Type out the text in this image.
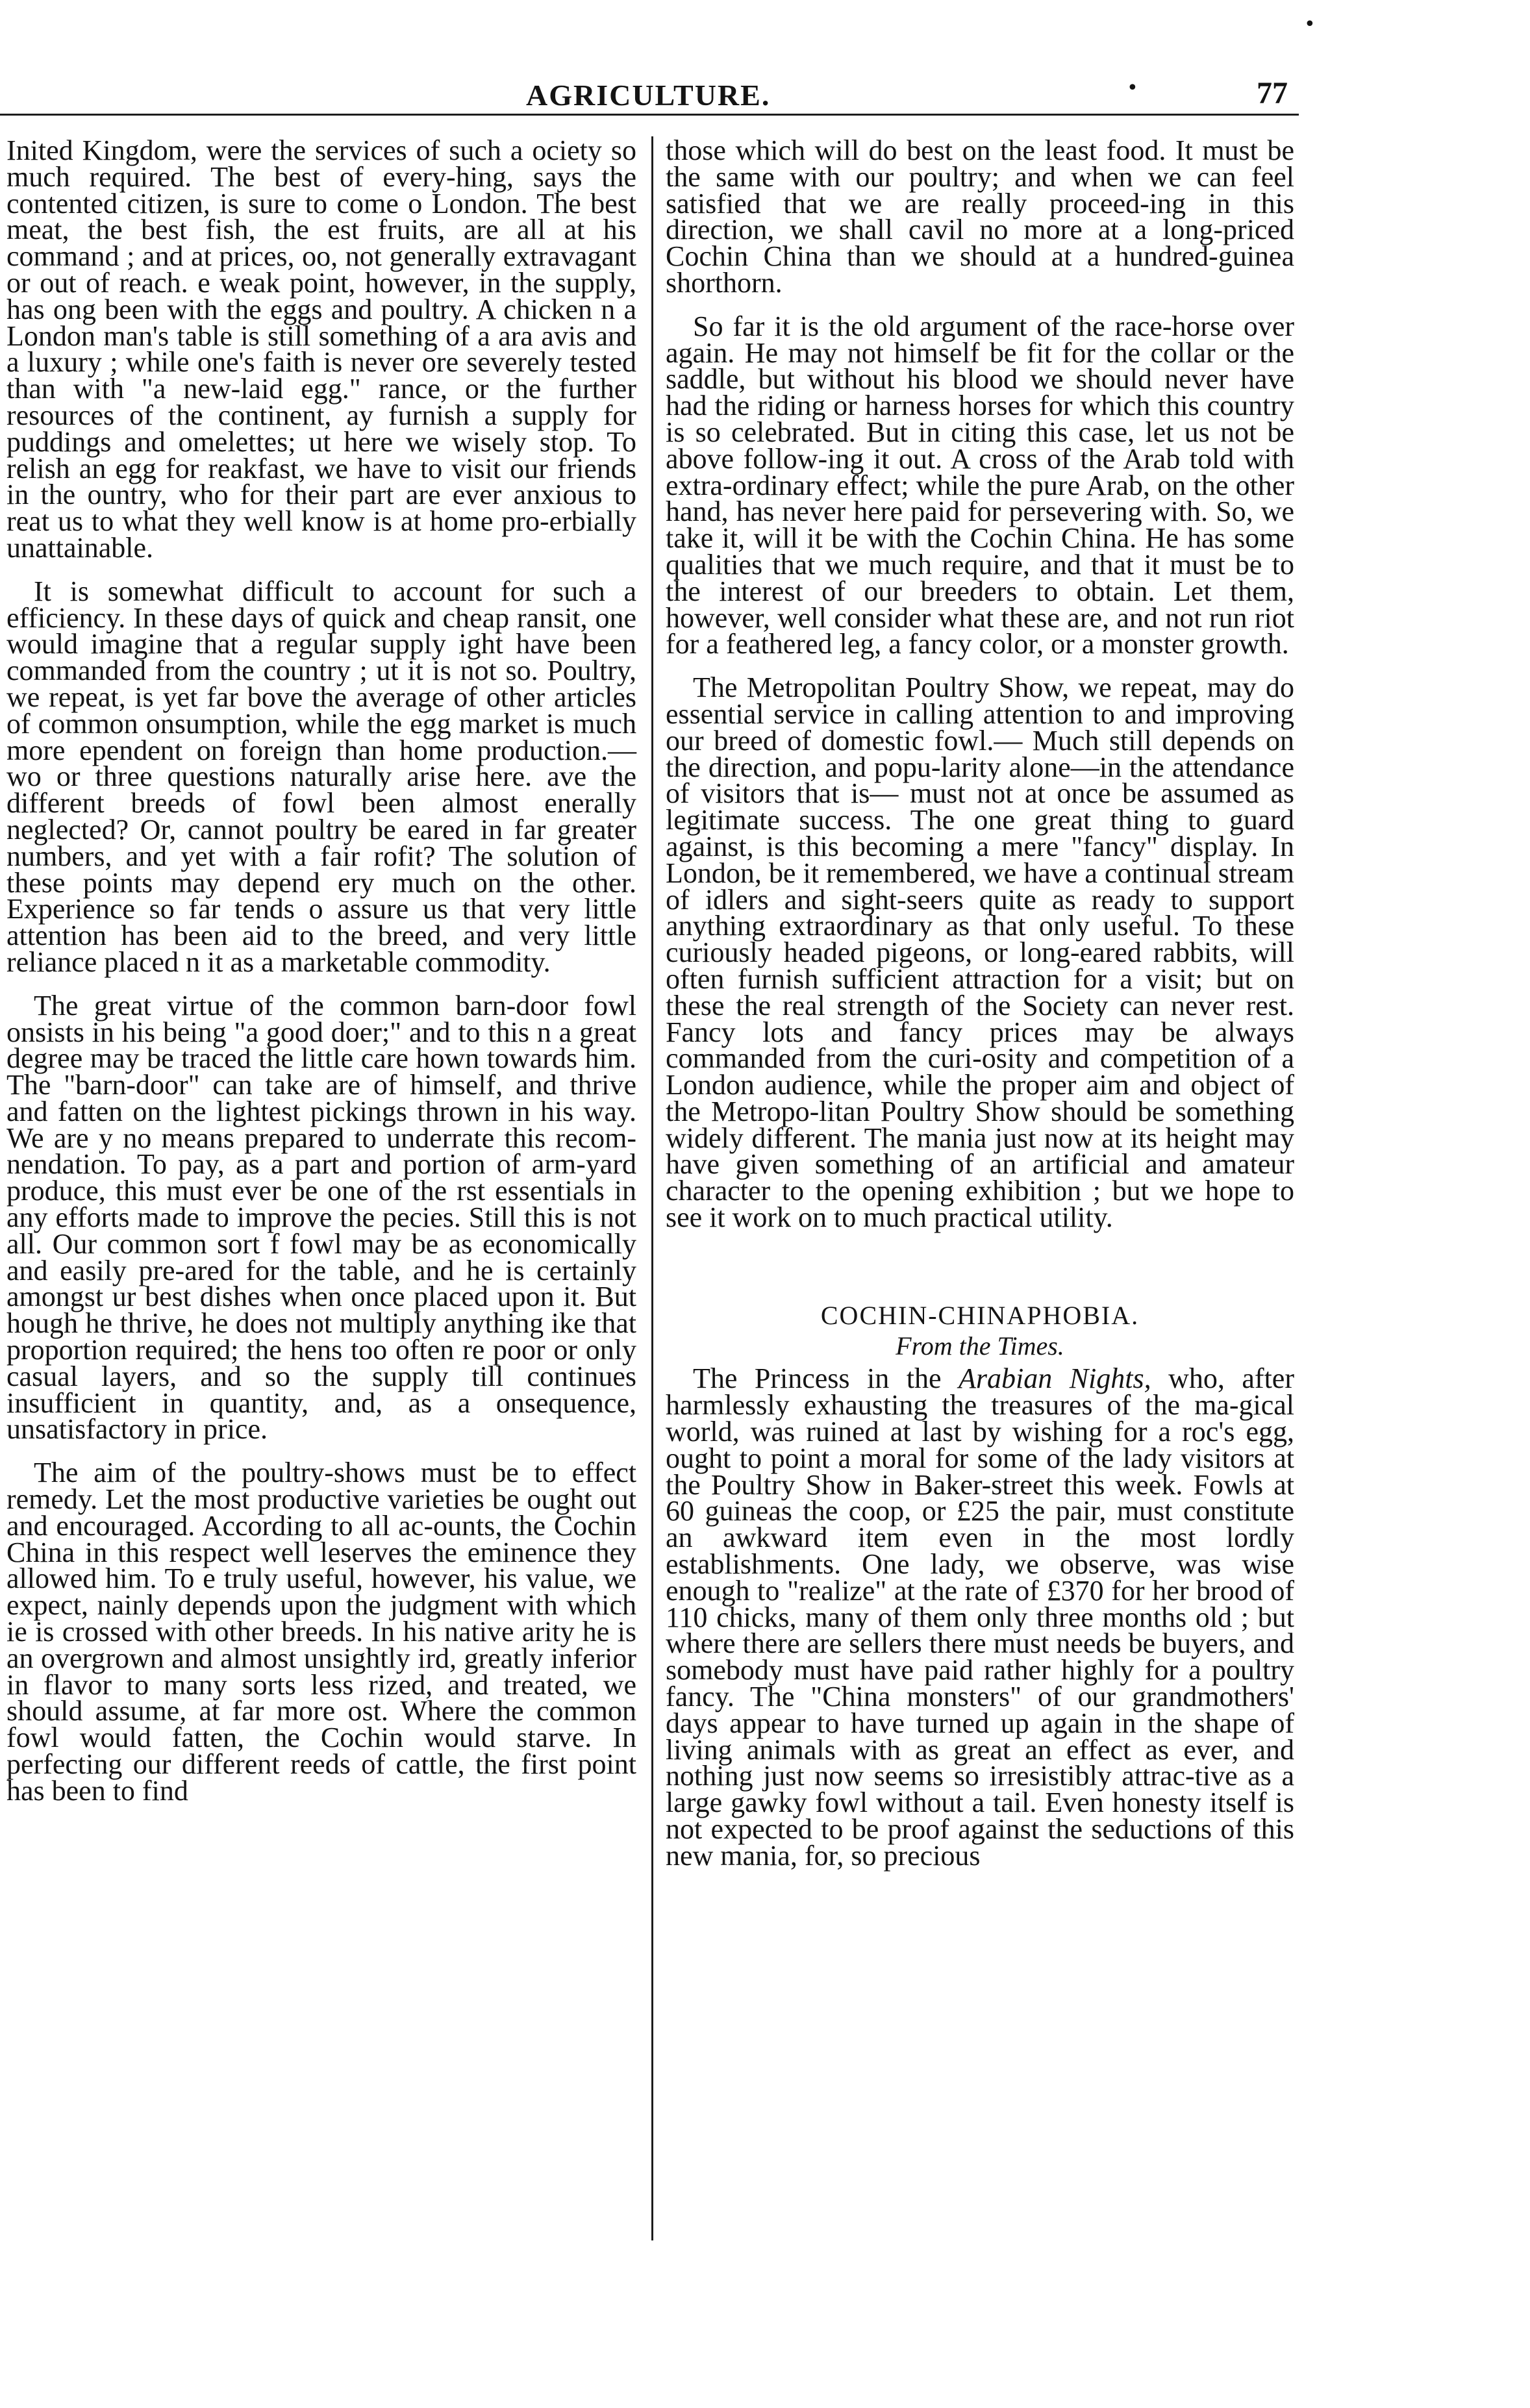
AGRICULTURE.	•	77
•

Inited Kingdom, were the services of such a ociety so much required. The best of every-hing, says the contented citizen, is sure to come o London. The best meat, the best fish, the est fruits, are all at his command ; and at prices, oo, not generally extravagant or out of reach. e weak point, however, in the supply, has ong been with the eggs and poultry. A chicken n a London man's table is still something of a ara avis and a luxury ; while one's faith is never ore severely tested than with "a new-laid egg." rance, or the further resources of the continent, ay furnish a supply for puddings and omelettes; ut here we wisely stop. To relish an egg for reakfast, we have to visit our friends in the ountry, who for their part are ever anxious to reat us to what they well know is at home pro-erbially unattainable.

It is somewhat difficult to account for such a efficiency. In these days of quick and cheap ransit, one would imagine that a regular supply ight have been commanded from the country ; ut it is not so. Poultry, we repeat, is yet far bove the average of other articles of common onsumption, while the egg market is much more ependent on foreign than home production.— wo or three questions naturally arise here. ave the different breeds of fowl been almost enerally neglected? Or, cannot poultry be eared in far greater numbers, and yet with a fair rofit? The solution of these points may depend ery much on the other. Experience so far tends o assure us that very little attention has been aid to the breed, and very little reliance placed n it as a marketable commodity.

The great virtue of the common barn-door fowl onsists in his being "a good doer;" and to this n a great degree may be traced the little care hown towards him. The "barn-door" can take are of himself, and thrive and fatten on the lightest pickings thrown in his way. We are y no means prepared to underrate this recom-nendation. To pay, as a part and portion of arm-yard produce, this must ever be one of the rst essentials in any efforts made to improve the pecies. Still this is not all. Our common sort f fowl may be as economically and easily pre-ared for the table, and he is certainly amongst ur best dishes when once placed upon it. But hough he thrive, he does not multiply anything ike that proportion required; the hens too often re poor or only casual layers, and so the supply till continues insufficient in quantity, and, as a onsequence, unsatisfactory in price.

The aim of the poultry-shows must be to effect remedy. Let the most productive varieties be ought out and encouraged. According to all ac-ounts, the Cochin China in this respect well leserves the eminence they allowed him. To e truly useful, however, his value, we expect, nainly depends upon the judgment with which ie is crossed with other breeds. In his native arity he is an overgrown and almost unsightly ird, greatly inferior in flavor to many sorts less rized, and treated, we should assume, at far more ost. Where the common fowl would fatten, the Cochin would starve. In perfecting our different reeds of cattle, the first point has been to find

those which will do best on the least food. It must be the same with our poultry; and when we can feel satisfied that we are really proceed-ing in this direction, we shall cavil no more at a long-priced Cochin China than we should at a hundred-guinea shorthorn.

So far it is the old argument of the race-horse over again. He may not himself be fit for the collar or the saddle, but without his blood we should never have had the riding or harness horses for which this country is so celebrated. But in citing this case, let us not be above follow-ing it out. A cross of the Arab told with extra-ordinary effect; while the pure Arab, on the other hand, has never here paid for persevering with. So, we take it, will it be with the Cochin China. He has some qualities that we much require, and that it must be to the interest of our breeders to obtain. Let them, however, well consider what these are, and not run riot for a feathered leg, a fancy color, or a monster growth.

The Metropolitan Poultry Show, we repeat, may do essential service in calling attention to and improving our breed of domestic fowl.— Much still depends on the direction, and popu-larity alone—in the attendance of visitors that is— must not at once be assumed as legitimate success. The one great thing to guard against, is this becoming a mere "fancy" display. In London, be it remembered, we have a continual stream of idlers and sight-seers quite as ready to support anything extraordinary as that only useful. To these curiously headed pigeons, or long-eared rabbits, will often furnish sufficient attraction for a visit; but on these the real strength of the Society can never rest. Fancy lots and fancy prices may be always commanded from the curi-osity and competition of a London audience, while the proper aim and object of the Metropo-litan Poultry Show should be something widely different. The mania just now at its height may have given something of an artificial and amateur character to the opening exhibition ; but we hope to see it work on to much practical utility.

COCHIN-CHINAPHOBIA.
From the Times.

The Princess in the Arabian Nights, who, after harmlessly exhausting the treasures of the ma-gical world, was ruined at last by wishing for a roc's egg, ought to point a moral for some of the lady visitors at the Poultry Show in Baker-street this week. Fowls at 60 guineas the coop, or £25 the pair, must constitute an awkward item even in the most lordly establishments. One lady, we observe, was wise enough to "realize" at the rate of £370 for her brood of 110 chicks, many of them only three months old ; but where there are sellers there must needs be buyers, and somebody must have paid rather highly for a poultry fancy. The "China monsters" of our grandmothers' days appear to have turned up again in the shape of living animals with as great an effect as ever, and nothing just now seems so irresistibly attrac-tive as a large gawky fowl without a tail. Even honesty itself is not expected to be proof against the seductions of this new mania, for, so precious
